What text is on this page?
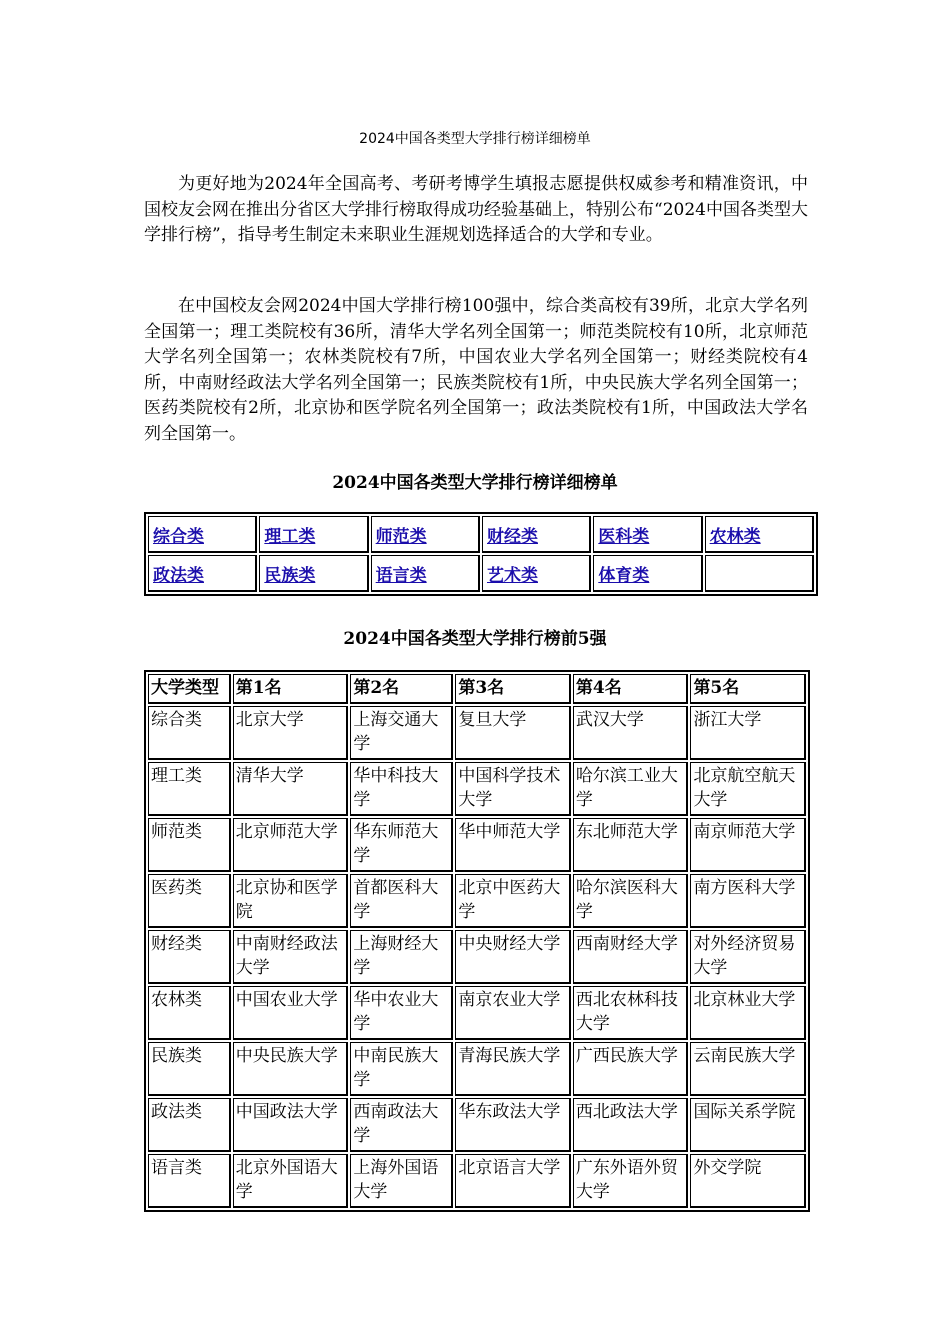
2024中国各类型大学排行榜详细榜单

为更好地为2024年全国高考、考研考博学生填报志愿提供权威参考和精准资讯，中国校友会网在推出分省区大学排行榜取得成功经验基础上，特别公布“2024中国各类型大学排行榜”，指导考生制定未来职业生涯规划选择适合的大学和专业。

在中国校友会网2024中国大学排行榜100强中，综合类高校有39所，北京大学名列全国第一；理工类院校有36所，清华大学名列全国第一；师范类院校有10所，北京师范大学名列全国第一；农林类院校有7所，中国农业大学名列全国第一；财经类院校有4所，中南财经政法大学名列全国第一；民族类院校有1所，中央民族大学名列全国第一；医药类院校有2所，北京协和医学院名列全国第一；政法类院校有1所，中国政法大学名列全国第一。

2024中国各类型大学排行榜详细榜单
综合类	理工类	师范类	财经类	医科类	农林类
政法类	民族类	语言类	艺术类	体育类	
2024中国各类型大学排行榜前5强
大学类型	第1名	第2名	第3名	第4名	第5名
综合类	北京大学	上海交通大学	复旦大学	武汉大学	浙江大学
理工类	清华大学	华中科技大学	中国科学技术大学	哈尔滨工业大学	北京航空航天大学
师范类	北京师范大学	华东师范大学	华中师范大学	东北师范大学	南京师范大学
医药类	北京协和医学院	首都医科大学	北京中医药大学	哈尔滨医科大学	南方医科大学
财经类	中南财经政法大学	上海财经大学	中央财经大学	西南财经大学	对外经济贸易大学
农林类	中国农业大学	华中农业大学	南京农业大学	西北农林科技大学	北京林业大学
民族类	中央民族大学	中南民族大学	青海民族大学	广西民族大学	云南民族大学
政法类	中国政法大学	西南政法大学	华东政法大学	西北政法大学	国际关系学院
语言类	北京外国语大学	上海外国语大学	北京语言大学	广东外语外贸大学	外交学院
